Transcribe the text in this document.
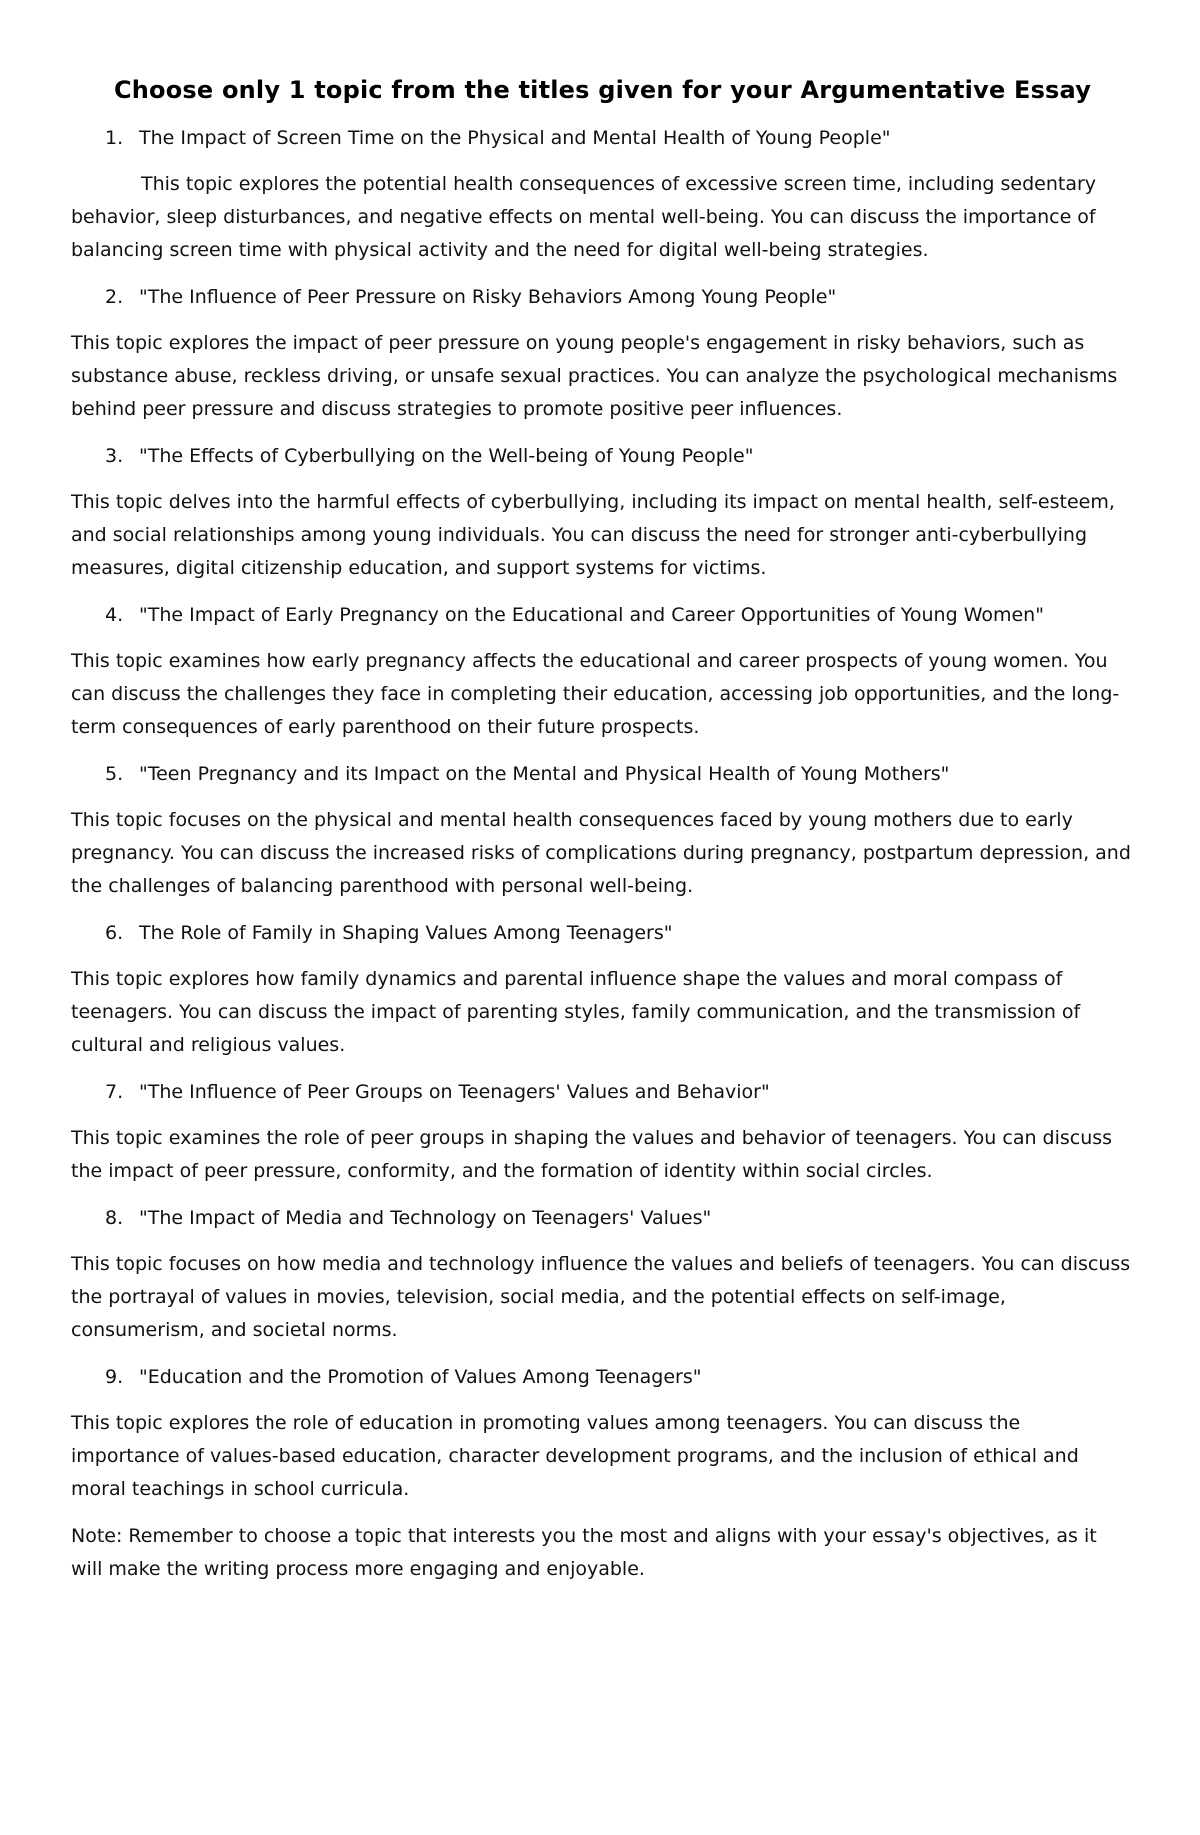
Choose only 1 topic from the titles given for your Argumentative Essay
1. The Impact of Screen Time on the Physical and Mental Health of Young People"

This topic explores the potential health consequences of excessive screen time, including sedentary behavior, sleep disturbances, and negative effects on mental well-being. You can discuss the importance of balancing screen time with physical activity and the need for digital well-being strategies.

2. "The Influence of Peer Pressure on Risky Behaviors Among Young People"

This topic explores the impact of peer pressure on young people's engagement in risky behaviors, such as substance abuse, reckless driving, or unsafe sexual practices. You can analyze the psychological mechanisms behind peer pressure and discuss strategies to promote positive peer influences.

3. "The Effects of Cyberbullying on the Well-being of Young People"

This topic delves into the harmful effects of cyberbullying, including its impact on mental health, self-esteem, and social relationships among young individuals. You can discuss the need for stronger anti-cyberbullying measures, digital citizenship education, and support systems for victims.

4. "The Impact of Early Pregnancy on the Educational and Career Opportunities of Young Women"

This topic examines how early pregnancy affects the educational and career prospects of young women. You can discuss the challenges they face in completing their education, accessing job opportunities, and the long-term consequences of early parenthood on their future prospects.

5. "Teen Pregnancy and its Impact on the Mental and Physical Health of Young Mothers"

This topic focuses on the physical and mental health consequences faced by young mothers due to early pregnancy. You can discuss the increased risks of complications during pregnancy, postpartum depression, and the challenges of balancing parenthood with personal well-being.

6. The Role of Family in Shaping Values Among Teenagers"

This topic explores how family dynamics and parental influence shape the values and moral compass of teenagers. You can discuss the impact of parenting styles, family communication, and the transmission of cultural and religious values.

7. "The Influence of Peer Groups on Teenagers' Values and Behavior"

This topic examines the role of peer groups in shaping the values and behavior of teenagers. You can discuss the impact of peer pressure, conformity, and the formation of identity within social circles.

8. "The Impact of Media and Technology on Teenagers' Values"

This topic focuses on how media and technology influence the values and beliefs of teenagers. You can discuss the portrayal of values in movies, television, social media, and the potential effects on self-image, consumerism, and societal norms.

9. "Education and the Promotion of Values Among Teenagers"

This topic explores the role of education in promoting values among teenagers. You can discuss the importance of values-based education, character development programs, and the inclusion of ethical and moral teachings in school curricula.

Note: Remember to choose a topic that interests you the most and aligns with your essay's objectives, as it will make the writing process more engaging and enjoyable.
